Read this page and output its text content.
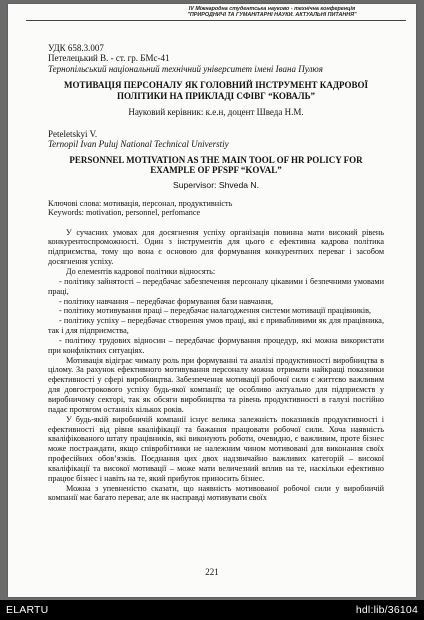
IV Міжнародна студентська науково - технічна конференція
"ПРИРОДНИЧІ ТА ГУМАНІТАРНІ НАУКИ. АКТУАЛЬНІ ПИТАННЯ"

УДК 658.3.007

Петелецький В. - ст. гр. БМс-41

Тернопільський національний технічний університет імені Івана Пулюя

МОТИВАЦІЯ ПЕРСОНАЛУ ЯК ГОЛОВНИЙ ІНСТРУМЕНТ КАДРОВОЇ ПОЛІТИКИ НА ПРИКЛАДІ СФІВГ “КОВАЛЬ”

Науковий керівник: к.е.н, доцент Шведа Н.М.

Peteletskyi V.

Ternopil Ivan Puluj National Technical Universtiy

PERSONNEL MOTIVATION AS THE MAIN TOOL OF HR POLICY FOR EXAMPLE OF PFSPF “KOVAL”

Supervisor: Shveda N.

Ключові слова: мотивація, персонал, продуктивність
Keywords: motivation, personnel, perfomance

У сучасних умовах для досягнення успіху організація повинна мати високий рівень конкурентоспроможності. Один з інструментів для цього є ефективна кадрова політика підприємства, тому що вона є основою для формування конкурентних переваг і засобом досягнення успіху.

До елементів кадрової політики відносять:

- політику зайнятості – передбачає забезпечення персоналу цікавими і безпечними умовами праці,

- політику навчання – передбачає формування бази навчання,

- політику мотивування праці – передбачає налагодження системи мотивації працівників,

- політику успіху – передбачає створення умов праці, які є привабливими як для працівника, так і для підприємства,

- політику трудових відносин – передбачає формування процедур, які можна використати при конфліктних ситуаціях.

Мотивація відіграє чималу роль при формуванні та аналізі продуктивності виробництва в цілому. За рахунок ефективного мотивування персоналу можна отримати найкращі показники ефективності у сфері виробництва. Забезпечення мотивації робочої сили є життєво важливим для довгострокового успіху будь-якої компанії; це особливо актуально для підприємств у виробничому секторі, так як обсяги виробництва та рівень продуктивності в галузі постійно падає протягом останніх кількох років.

У будь-якій виробничій компанії існує велика залежність показників продуктивності і ефективності від рівня кваліфікації та бажання працювати робочої сили. Хоча наявність кваліфікованого штату працівників, які виконують роботи, очевидно, є важливим, проте бізнес може постраждати, якщо співробітники не належним чином мотивовані для виконання своїх професійних обов’язків. Поєднання цих двох надзвичайно важливих категорій – високої кваліфікації та високої мотивації – може мати величезний вплив на те, наскільки ефективно працює бізнес і навіть на те, який прибуток приносить бізнес.

Можна з упевненістю сказати, що наявність мотивованої робочої сили у виробничій компанії має багато переваг, але як насправді мотивувати своїх

221
ELARTU	hdl:lib/36104
